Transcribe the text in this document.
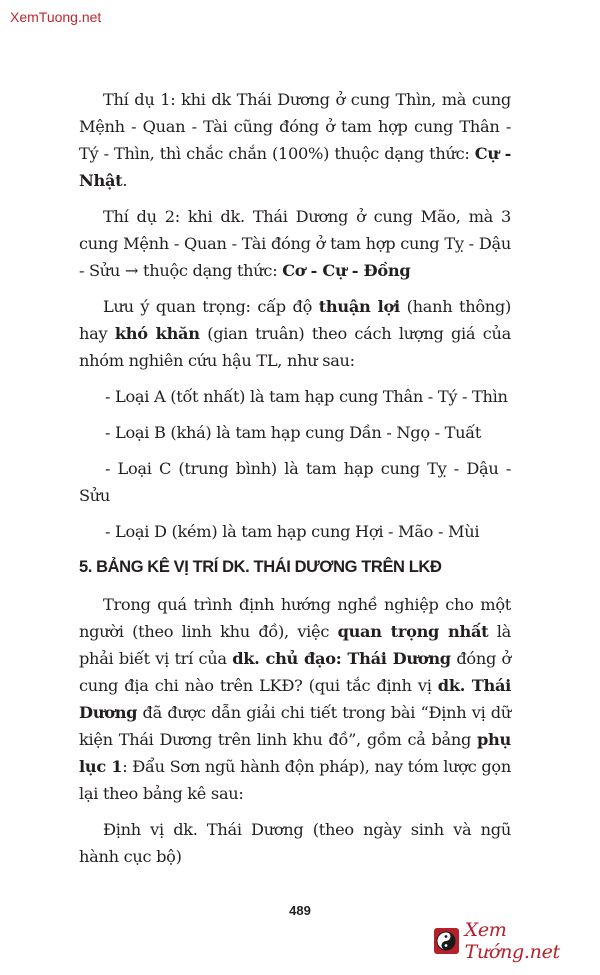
XemTuong.net

Thí dụ 1: khi dk Thái Dương ở cung Thìn, mà cung Mệnh - Quan - Tài cũng đóng ở tam hợp cung Thân - Tý - Thìn, thì chắc chắn (100%) thuộc dạng thức: Cự - Nhật.

Thí dụ 2: khi dk. Thái Dương ở cung Mão, mà 3 cung Mệnh - Quan - Tài đóng ở tam hợp cung Tỵ - Dậu - Sửu → thuộc dạng thức: Cơ - Cự - Đồng

Lưu ý quan trọng: cấp độ thuận lợi (hanh thông) hay khó khăn (gian truân) theo cách lượng giá của nhóm nghiên cứu hậu TL, như sau:

- Loại A (tốt nhất) là tam hạp cung Thân - Tý - Thìn

- Loại B (khá) là tam hạp cung Dần - Ngọ - Tuất

- Loại C (trung bình) là tam hạp cung Tỵ - Dậu - Sửu

- Loại D (kém) là tam hạp cung Hợi - Mão - Mùi

5. BẢNG KÊ VỊ TRÍ DK. THÁI DƯƠNG TRÊN LKĐ

Trong quá trình định hướng nghề nghiệp cho một người (theo linh khu đồ), việc quan trọng nhất là phải biết vị trí của dk. chủ đạo: Thái Dương đóng ở cung địa chi nào trên LKĐ? (qui tắc định vị dk. Thái Dương đã được dẫn giải chi tiết trong bài “Định vị dữ kiện Thái Dương trên linh khu đồ”, gồm cả bảng phụ lục 1: Đẩu Sơn ngũ hành độn pháp), nay tóm lược gọn lại theo bảng kê sau:

Định vị dk. Thái Dương (theo ngày sinh và ngũ hành cục bộ)

489
Xem Tướng.net
